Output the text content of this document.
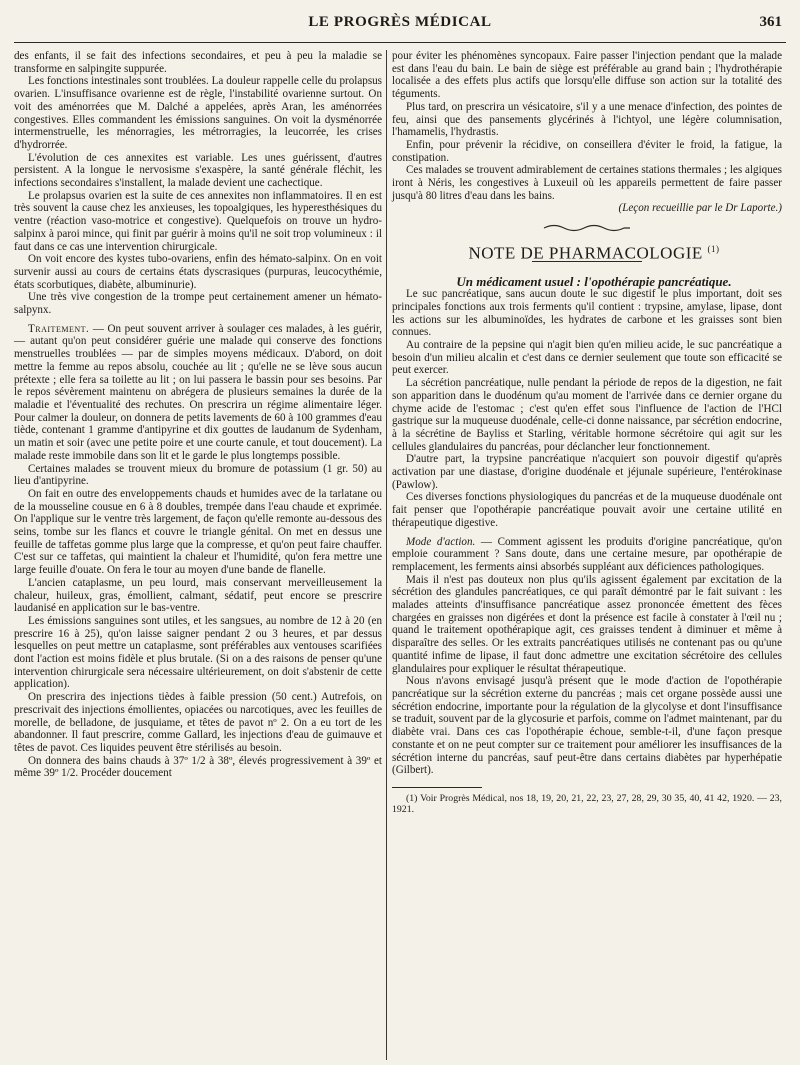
LE PROGRÈS MÉDICAL	361

des enfants, il se fait des infections secondaires, et peu à peu la maladie se transforme en salpingite suppurée.

Les fonctions intestinales sont troublées. La douleur rappelle celle du prolapsus ovarien. L'insuffisance ovarienne est de règle, l'instabilité ovarienne surtout. On voit des aménorrées que M. Dalché a appelées, après Aran, les aménorrées congestives. Elles commandent les émissions sanguines. On voit la dysménorrée intermenstruelle, les ménorragies, les métrorragies, la leucorrée, les crises d'hydrorrée.

L'évolution de ces annexites est variable. Les unes guérissent, d'autres persistent. A la longue le nervosisme s'exaspère, la santé générale fléchit, les infections secondaires s'installent, la malade devient une cachectique.

Le prolapsus ovarien est la suite de ces annexites non inflammatoires. Il en est très souvent la cause chez les anxieuses, les topoalgiques, les hyperesthésiques du ventre (réaction vaso-motrice et congestive). Quelquefois on trouve un hydro-salpinx à paroi mince, qui finit par guérir à moins qu'il ne soit trop volumineux : il faut dans ce cas une intervention chirurgicale.

On voit encore des kystes tubo-ovariens, enfin des hémato-salpinx. On en voit survenir aussi au cours de certains états dyscrasiques (purpuras, leucocythémie, états scorbutiques, diabète, albuminurie).

Une très vive congestion de la trompe peut certainement amener un hémato-salpynx.

Traitement. — On peut souvent arriver à soulager ces malades, à les guérir, — autant qu'on peut considérer guérie une malade qui conserve des fonctions menstruelles troublées — par de simples moyens médicaux. D'abord, on doit mettre la femme au repos absolu, couchée au lit ; qu'elle ne se lève sous aucun prétexte ; elle fera sa toilette au lit ; on lui passera le bassin pour ses besoins. Par le repos sévèrement maintenu on abrégera de plusieurs semaines la durée de la maladie et l'éventualité des rechutes. On prescrira un régime alimentaire léger. Pour calmer la douleur, on donnera de petits lavements de 60 à 100 grammes d'eau tiède, contenant 1 gramme d'antipyrine et dix gouttes de laudanum de Sydenham, un matin et soir (avec une petite poire et une courte canule, et tout doucement). La malade reste immobile dans son lit et le garde le plus longtemps possible.

Certaines malades se trouvent mieux du bromure de potassium (1 gr. 50) au lieu d'antipyrine.

On fait en outre des enveloppements chauds et humides avec de la tarlatane ou de la mousseline cousue en 6 à 8 doubles, trempée dans l'eau chaude et exprimée. On l'applique sur le ventre très largement, de façon qu'elle remonte au-dessous des seins, tombe sur les flancs et couvre le triangle génital. On met en dessus une feuille de taffetas gomme plus large que la compresse, et qu'on peut faire chauffer. C'est sur ce taffetas, qui maintient la chaleur et l'humidité, qu'on fera mettre une large feuille d'ouate. On fera le tour au moyen d'une bande de flanelle.

L'ancien cataplasme, un peu lourd, mais conservant merveilleusement la chaleur, huileux, gras, émollient, calmant, sédatif, peut encore se prescrire laudanisé en application sur le bas-ventre.

Les émissions sanguines sont utiles, et les sangsues, au nombre de 12 à 20 (en prescrire 16 à 25), qu'on laisse saigner pendant 2 ou 3 heures, et par dessus lesquelles on peut mettre un cataplasme, sont préférables aux ventouses scarifiées dont l'action est moins fidèle et plus brutale. (Si on a des raisons de penser qu'une intervention chirurgicale sera nécessaire ultérieurement, on doit s'abstenir de cette application).

On prescrira des injections tièdes à faible pression (50 cent.) Autrefois, on prescrivait des injections émollientes, opiacées ou narcotiques, avec les feuilles de morelle, de belladone, de jusquiame, et têtes de pavot nº 2. On a eu tort de les abandonner. Il faut prescrire, comme Gallard, les injections d'eau de guimauve et têtes de pavot. Ces liquides peuvent être stérilisés au besoin.

On donnera des bains chauds à 37º 1/2 à 38º, élevés progressivement à 39º et même 39º 1/2. Procéder doucement

pour éviter les phénomènes syncopaux. Faire passer l'injection pendant que la malade est dans l'eau du bain. Le bain de siège est préférable au grand bain ; l'hydrothérapie localisée a des effets plus actifs que lorsqu'elle diffuse son action sur la totalité des téguments.

Plus tard, on prescrira un vésicatoire, s'il y a une menace d'infection, des pointes de feu, ainsi que des pansements glycérinés à l'ichtyol, une légère columnisation, l'hamamelis, l'hydrastis.

Enfin, pour prévenir la récidive, on conseillera d'éviter le froid, la fatigue, la constipation.

Ces malades se trouvent admirablement de certaines stations thermales ; les algiques iront à Néris, les congestives à Luxeuil où les appareils permettent de faire passer jusqu'à 80 litres d'eau dans les bains.

(Leçon recueillie par le Dr Laporte.)

NOTE DE PHARMACOLOGIE $^{(1)}$

Un médicament usuel : l'opothérapie pancréatique.

Le suc pancréatique, sans aucun doute le suc digestif le plus important, doit ses principales fonctions aux trois ferments qu'il contient : trypsine, amylase, lipase, dont les actions sur les albuminoïdes, les hydrates de carbone et les graisses sont bien connues.

Au contraire de la pepsine qui n'agit bien qu'en milieu acide, le suc pancréatique a besoin d'un milieu alcalin et c'est dans ce dernier seulement que toute son efficacité se peut exercer.

La sécrétion pancréatique, nulle pendant la période de repos de la digestion, ne fait son apparition dans le duodénum qu'au moment de l'arrivée dans ce dernier organe du chyme acide de l'estomac ; c'est qu'en effet sous l'influence de l'action de l'HCl gastrique sur la muqueuse duodénale, celle-ci donne naissance, par sécrétion endocrine, à la sécrétine de Bayliss et Starling, véritable hormone sécrétoire qui agit sur les cellules glandulaires du pancréas, pour déclancher leur fonctionnement.

D'autre part, la trypsine pancréatique n'acquiert son pouvoir digestif qu'après activation par une diastase, d'origine duodénale et jéjunale supérieure, l'entérokinase (Pawlow).

Ces diverses fonctions physiologiques du pancréas et de la muqueuse duodénale ont fait penser que l'opothérapie pancréatique pouvait avoir une certaine utilité en thérapeutique digestive.

Mode d'action. — Comment agissent les produits d'origine pancréatique, qu'on emploie couramment ? Sans doute, dans une certaine mesure, par opothérapie de remplacement, les ferments ainsi absorbés suppléant aux déficiences pathologiques.

Mais il n'est pas douteux non plus qu'ils agissent également par excitation de la sécrétion des glandules pancréatiques, ce qui paraît démontré par le fait suivant : les malades atteints d'insuffisance pancréatique assez prononcée émettent des fèces chargées en graisses non digérées et dont la présence est facile à constater à l'œil nu ; quand le traitement opothérapique agit, ces graisses tendent à diminuer et même à disparaître des selles. Or les extraits pancréatiques utilisés ne contenant pas ou qu'une quantité infime de lipase, il faut donc admettre une excitation sécrétoire des cellules glandulaires pour expliquer le résultat thérapeutique.

Nous n'avons envisagé jusqu'à présent que le mode d'action de l'opothérapie pancréatique sur la sécrétion externe du pancréas ; mais cet organe possède aussi une sécrétion endocrine, importante pour la régulation de la glycolyse et dont l'insuffisance se traduit, souvent par de la glycosurie et parfois, comme on l'admet maintenant, par du diabète vrai. Dans ces cas l'opothérapie échoue, semble-t-il, d'une façon presque constante et on ne peut compter sur ce traitement pour améliorer les insuffisances de la sécrétion interne du pancréas, sauf peut-être dans certains diabètes par hyperhépatie (Gilbert).

(1) Voir Progrès Médical, nos 18, 19, 20, 21, 22, 23, 27, 28, 29, 30 35, 40, 41 42, 1920. — 23, 1921.
